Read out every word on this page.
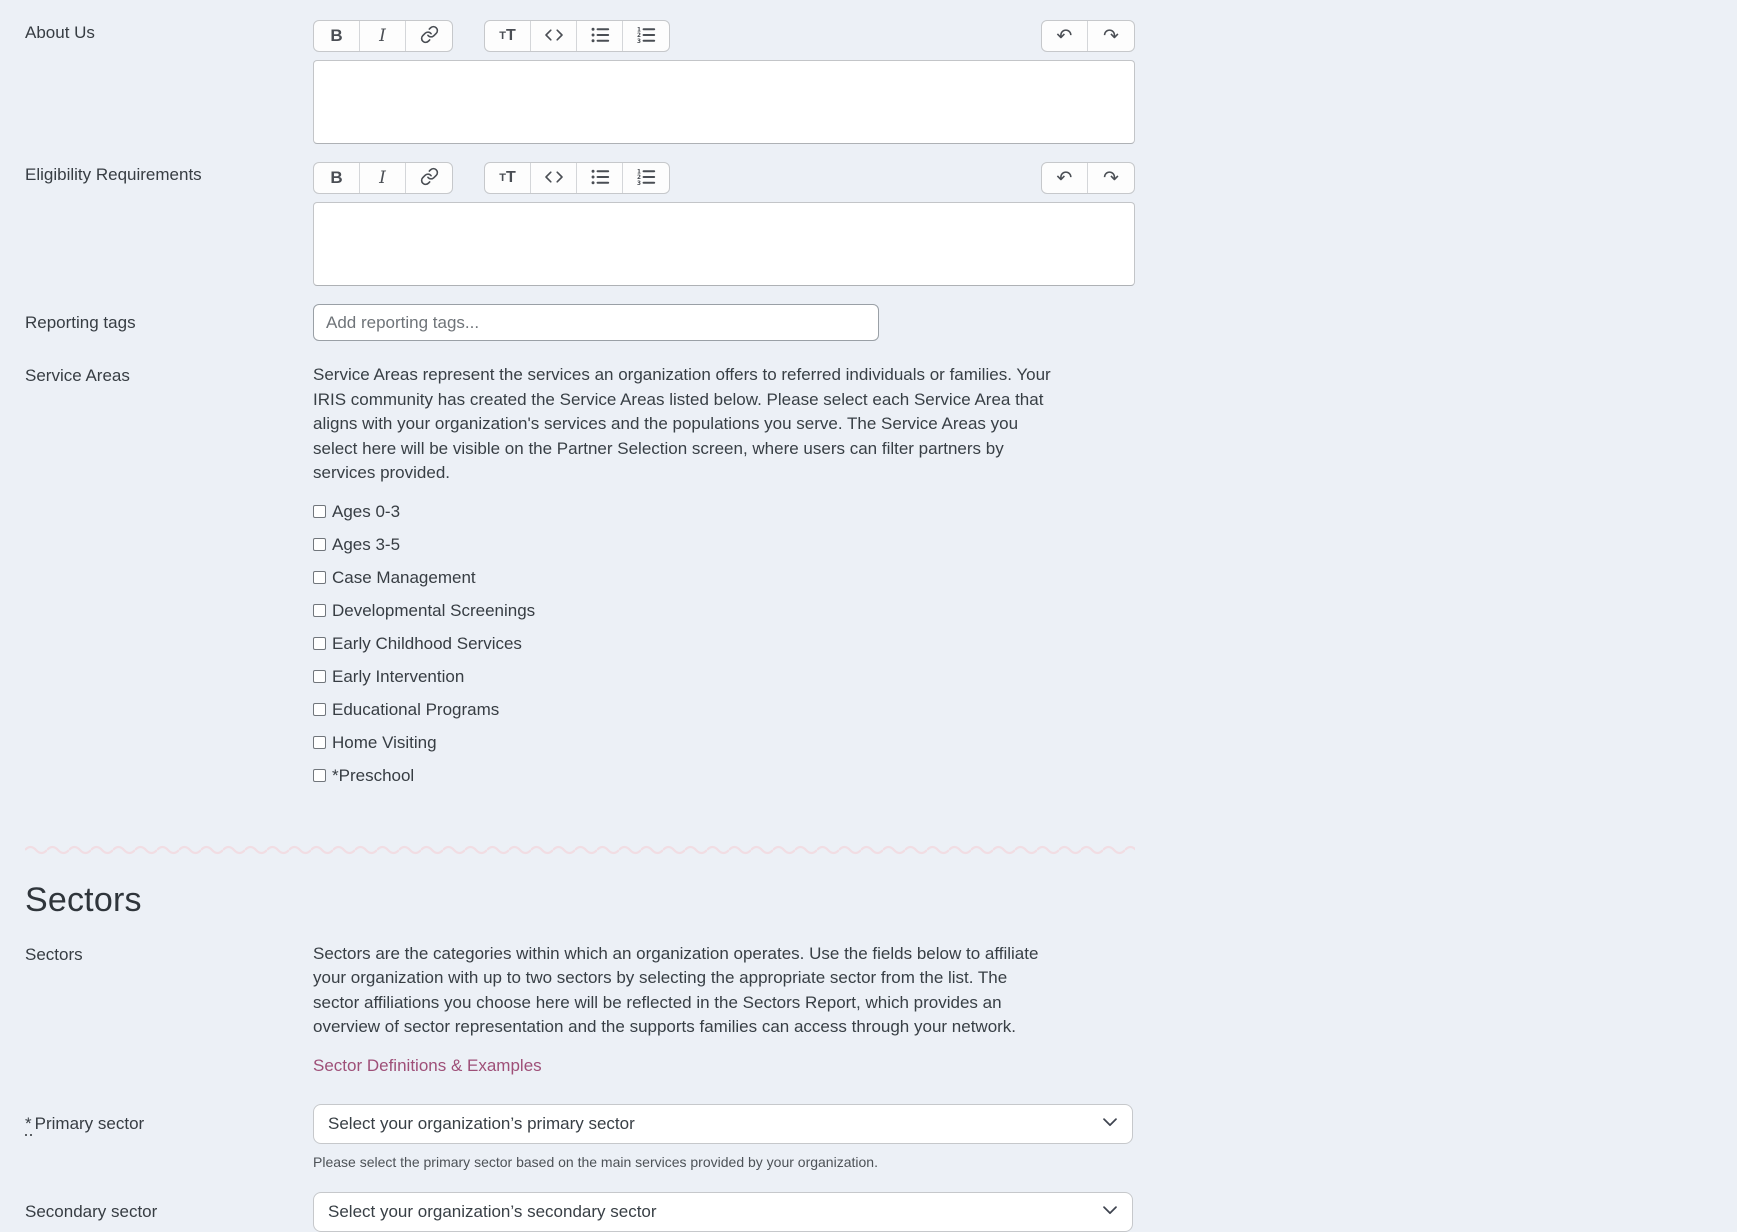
About Us	B	I	T T	1
2
3	↶ ↷
Eligibility Requirements	B	I	T T	1
2
3	↶ ↷
Reporting tags
Add reporting tags...
Service Areas	Service Areas represent the services an organization offers to referred individuals or families. Your IRIS community has created the Service Areas listed below. Please select each Service Area that aligns with your organization's services and the populations you serve. The Service Areas you select here will be visible on the Partner Selection screen, where users can filter partners by services provided.

Ages 0-3
Ages 3-5
Case Management
Developmental Screenings
Early Childhood Services
Early Intervention
Educational Programs
Home Visiting
*Preschool
Sectors
Sectors	Sectors are the categories within which an organization operates. Use the fields below to affiliate your organization with up to two sectors by selecting the appropriate sector from the list. The sector affiliations you choose here will be reflected in the Sectors Report, which provides an overview of sector representation and the supports families can access through your network.

Sector Definitions & Examples
* Primary sector	Select your organization’s primary sector
Please select the primary sector based on the main services provided by your organization.
Secondary sector	Select your organization’s secondary sector
